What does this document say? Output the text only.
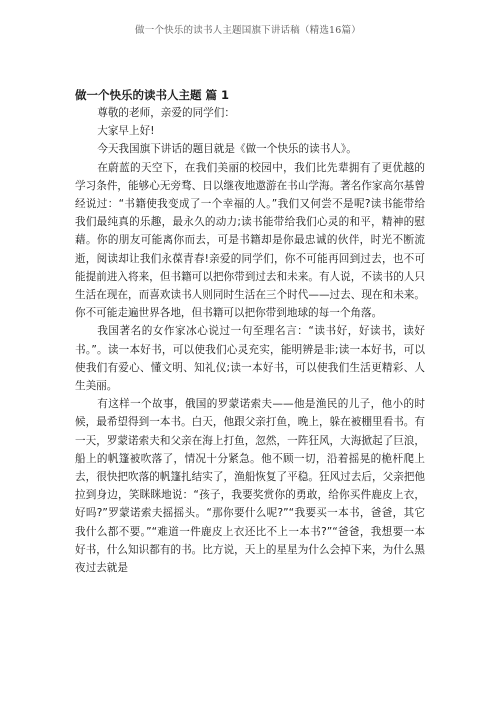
做一个快乐的读书人主题国旗下讲话稿（精选16篇）
做一个快乐的读书人主题 篇 1

尊敬的老师，亲爱的同学们：

大家早上好!

今天我国旗下讲话的题目就是《做一个快乐的读书人》。

在蔚蓝的天空下，在我们美丽的校园中，我们比先辈拥有了更优越的学习条件，能够心无旁骛、日以继夜地遨游在书山学海。著名作家高尔基曾经说过：“书籍使我变成了一个幸福的人。”我们又何尝不是呢?读书能带给我们最纯真的乐趣，最永久的动力;读书能带给我们心灵的和平，精神的慰藉。你的朋友可能离你而去，可是书籍却是你最忠诚的伙伴，时光不断流逝，阅读却让我们永葆青春!亲爱的同学们，你不可能再回到过去，也不可能提前进入将来，但书籍可以把你带到过去和未来。有人说，不读书的人只生活在现在，而喜欢读书人则同时生活在三个时代——过去、现在和未来。你不可能走遍世界各地，但书籍可以把你带到地球的每一个角落。

我国著名的女作家冰心说过一句至理名言：“读书好，好读书，读好书。”。读一本好书，可以使我们心灵充实，能明辨是非;读一本好书，可以使我们有爱心、懂文明、知礼仪;读一本好书，可以使我们生活更精彩、人生美丽。

有这样一个故事，俄国的罗蒙诺索夫——他是渔民的儿子，他小的时候，最希望得到一本书。白天，他跟父亲打鱼，晚上，躲在被棚里看书。有一天，罗蒙诺索夫和父亲在海上打鱼，忽然，一阵狂风，大海掀起了巨浪，船上的帆篷被吹落了，情况十分紧急。他不顾一切，沿着摇晃的桅杆爬上去，很快把吹落的帆篷扎结实了，渔船恢复了平稳。狂风过去后，父亲把他拉到身边，笑眯眯地说：“孩子，我要奖赏你的勇敢，给你买件鹿皮上衣，好吗?”罗蒙诺索夫摇摇头。“那你要什么呢?”“我要买一本书，爸爸，其它我什么都不要。”“难道一件鹿皮上衣还比不上一本书?”“爸爸，我想要一本好书，什么知识都有的书。比方说，天上的星星为什么会掉下来，为什么黑夜过去就是
